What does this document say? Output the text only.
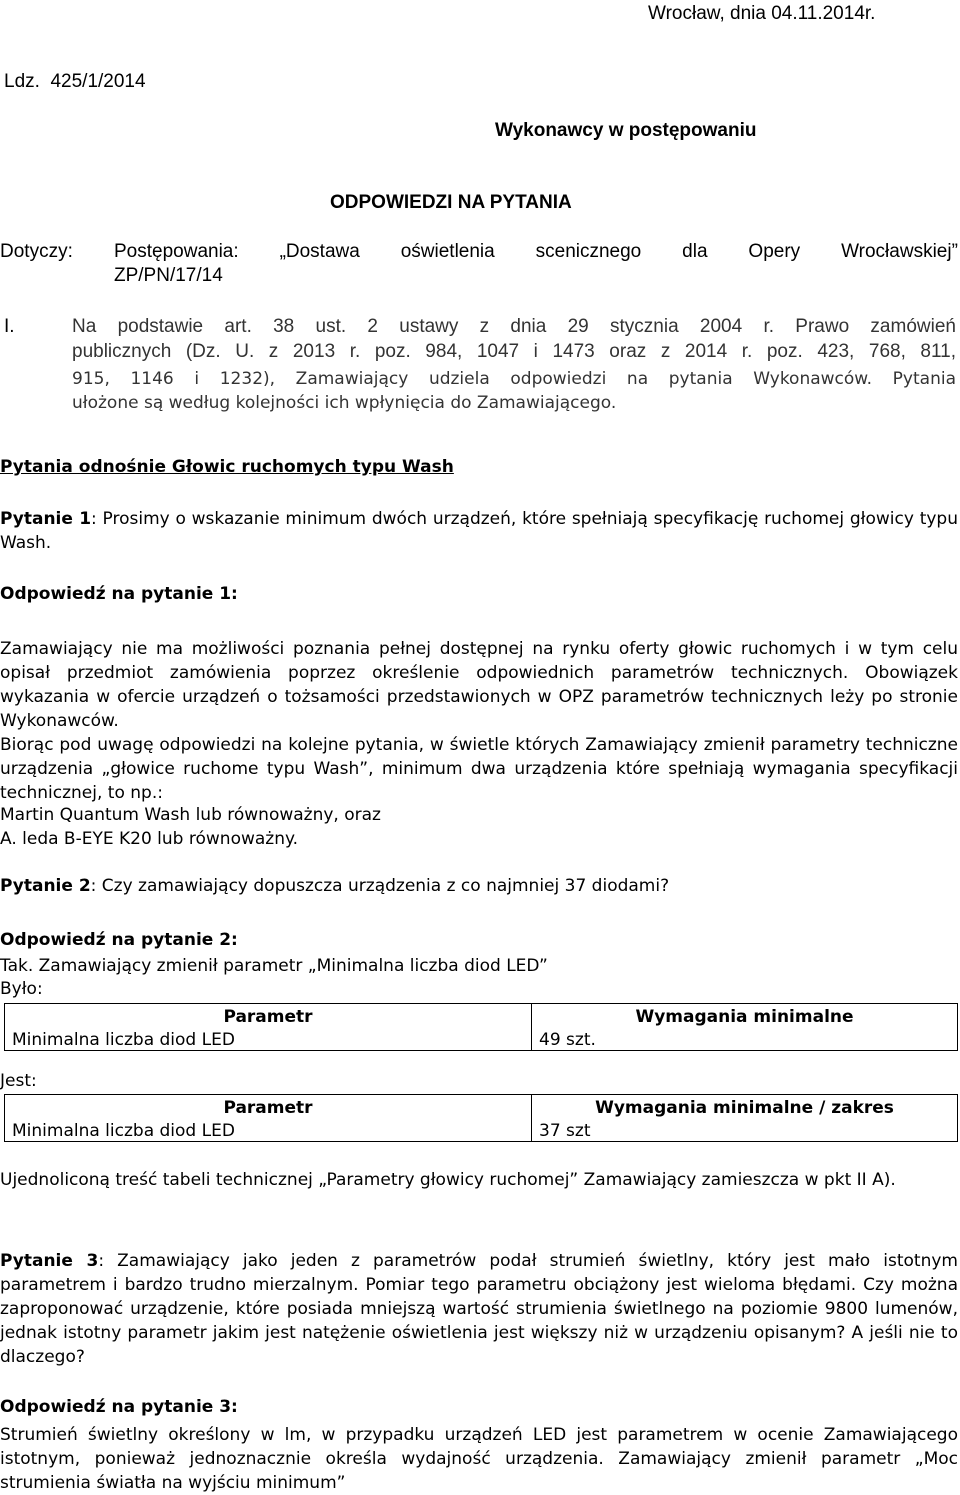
Wrocław, dnia 04.11.2014r.
Ldz.  425/1/2014
Wykonawcy w postępowaniu
ODPOWIEDZI NA PYTANIA
Dotyczy: Postępowania: „Dostawa oświetlenia scenicznego dla Opery Wrocławskiej”
ZP/PN/17/14
I.	Na podstawie art. 38 ust. 2 ustawy z dnia 29 stycznia 2004 r. Prawo zamówień
publicznych (Dz. U. z 2013 r. poz. 984, 1047 i 1473 oraz z 2014 r. poz. 423, 768, 811,
915, 1146 i 1232), Zamawiający udziela odpowiedzi na pytania Wykonawców. Pytania
ułożone są według kolejności ich wpłynięcia do Zamawiającego.
Pytania odnośnie Głowic ruchomych typu Wash
Pytanie 1: Prosimy o wskazanie minimum dwóch urządzeń, które spełniają specyfikację ruchomej głowicy typu Wash.
Odpowiedź na pytanie 1:
Zamawiający nie ma możliwości poznania pełnej dostępnej na rynku oferty głowic ruchomych i w tym celu opisał przedmiot zamówienia poprzez określenie odpowiednich parametrów technicznych. Obowiązek wykazania w ofercie urządzeń o tożsamości przedstawionych w OPZ parametrów technicznych leży po stronie Wykonawców.
Biorąc pod uwagę odpowiedzi na kolejne pytania, w świetle których Zamawiający zmienił parametry techniczne urządzenia „głowice ruchome typu Wash”, minimum dwa urządzenia które spełniają wymagania specyfikacji technicznej, to np.:
Martin Quantum Wash lub równoważny, oraz
A. leda B-EYE K20 lub równoważny.
Pytanie 2: Czy zamawiający dopuszcza urządzenia z co najmniej 37 diodami?
Odpowiedź na pytanie 2:
Tak. Zamawiający zmienił parametr „Minimalna liczba diod LED”
Było:
Parametr	Wymagania minimalne
Minimalna liczba diod LED	49 szt.
Jest:
Parametr	Wymagania minimalne / zakres
Minimalna liczba diod LED	37 szt
Ujednoliconą treść tabeli technicznej „Parametry głowicy ruchomej” Zamawiający zamieszcza w pkt II A).
Pytanie 3: Zamawiający jako jeden z parametrów podał strumień świetlny, który jest mało istotnym parametrem i bardzo trudno mierzalnym. Pomiar tego parametru obciążony jest wieloma błędami. Czy można zaproponować urządzenie, które posiada mniejszą wartość strumienia świetlnego na poziomie 9800 lumenów, jednak istotny parametr jakim jest natężenie oświetlenia jest większy niż w urządzeniu opisanym? A jeśli nie to dlaczego?
Odpowiedź na pytanie 3:
Strumień świetlny określony w lm, w przypadku urządzeń LED jest parametrem w ocenie Zamawiającego istotnym, ponieważ jednoznacznie określa wydajność urządzenia. Zamawiający zmienił parametr „Moc strumienia światła na wyjściu minimum”
